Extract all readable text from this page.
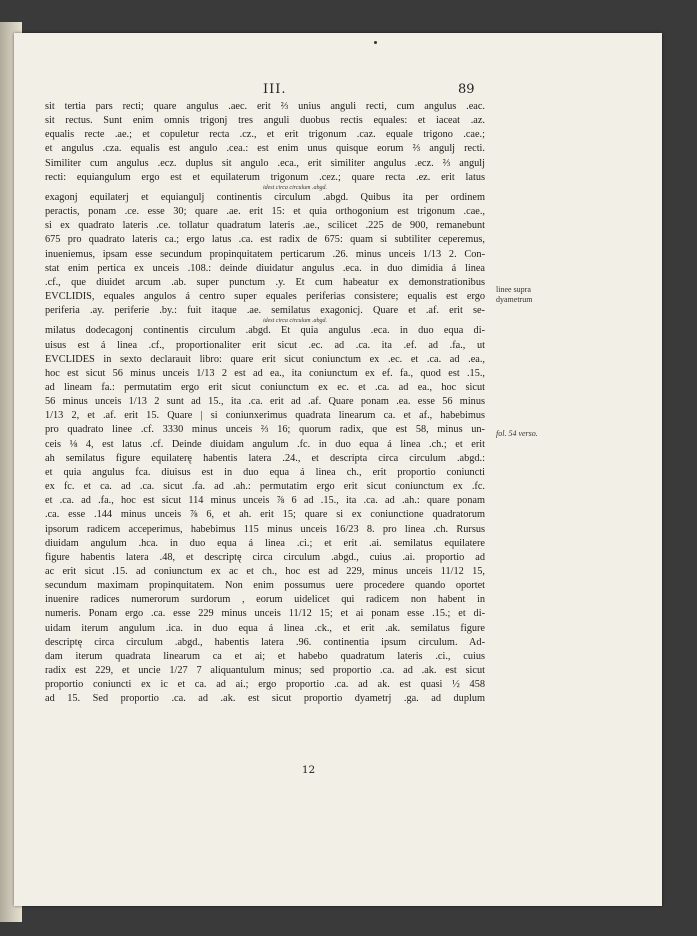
III.	89
sit tertia pars recti; quare angulus .aec. erit ⅔ unius anguli recti, cum angulus .eac.
sit rectus. Sunt enim omnis trigonj tres anguli duobus rectis equales: et iaceat .az.
equalis recte .ae.; et copuletur recta .cz., et erit trigonum .caz. equale trigono .cae.;
et angulus .cza. equalis est angulo .cea.: est enim unus quisque eorum ⅔ angulj recti.
Similiter cum angulus .ecz. duplus sit angulo .eca., erit similiter angulus .ecz. ⅔ angulj
recti: equiangulum ergo est et equilaterum trigonum .cez.; quare recta .ez. erit latus
idest circa circulum .abgd.
exagonj equilaterj et equiangulj continentis circulum .abgd. Quibus ita per ordinem
peractis, ponam .ce. esse 30; quare .ae. erit 15: et quia orthogonium est trigonum .cae.,
si ex quadrato lateris .ce. tollatur quadratum lateris .ae., scilicet .225 de 900, remanebunt
675 pro quadrato lateris ca.; ergo latus .ca. est radix de 675: quam si subtiliter ceperemus,
inueniemus, ipsam esse secundum propinquitatem perticarum .26. minus unceis 1/13 2. Con-
stat enim pertica ex unceis .108.: deinde diuidatur angulus .eca. in duo dimidia á linea
.cf., que diuidet arcum .ab. super punctum .y. Et cum habeatur ex demonstrationibus
EVCLIDIS, equales angulos á centro super equales periferias consistere; equalis est ergo
periferia .ay. periferie .by.: fuit itaque .ae. semilatus exagonicj. Quare et .af. erit se-
idest circa circulum .abgd.
milatus dodecagonj continentis circulum .abgd. Et quia angulus .eca. in duo equa di-
uisus est á linea .cf., proportionaliter erit sicut .ec. ad .ca. ita .ef. ad .fa., ut
EVCLIDES in sexto declarauit libro: quare erit sicut coniunctum ex .ec. et .ca. ad .ea.,
hoc est sicut 56 minus unceis 1/13 2 est ad ea., ita coniunctum ex ef. fa., quod est .15.,
ad lineam fa.: permutatim ergo erit sicut coniunctum ex ec. et .ca. ad ea., hoc sicut
56 minus unceis 1/13 2 sunt ad 15., ita .ca. erit ad .af. Quare ponam .ea. esse 56 minus
1/13 2, et .af. erit 15. Quare | si coniunxerimus quadrata linearum ca. et af., habebimus
pro quadrato linee .cf. 3330 minus unceis ⅔ 16; quorum radix, que est 58, minus un-
ceis ⅛ 4, est latus .cf. Deinde diuidam angulum .fc. in duo equa á linea .ch.; et erit
ah semilatus figure equilaterę habentis latera .24., et descripta circa circulum .abgd.:
et quia angulus fca. diuisus est in duo equa á linea ch., erit proportio coniuncti
ex fc. et ca. ad .ca. sicut .fa. ad .ah.: permutatim ergo erit sicut coniunctum ex .fc.
et .ca. ad .fa., hoc est sicut 114 minus unceis ⅞ 6 ad .15., ita .ca. ad .ah.: quare ponam
.ca. esse .144 minus unceis ⅞ 6, et ah. erit 15; quare si ex coniunctione quadratorum
ipsorum radicem acceperimus, habebimus 115 minus unceis 16/23 8. pro linea .ch. Rursus
diuidam angulum .hca. in duo equa á linea .ci.; et erit .ai. semilatus equilatere
figure habentis latera .48, et descriptę circa circulum .abgd., cuius .ai. proportio ad
ac erit sicut .15. ad coniunctum ex ac et ch., hoc est ad 229, minus unceis 11/12 15,
secundum maximam propinquitatem. Non enim possumus uere procedere quando oportet
inuenire radices numerorum surdorum , eorum uidelicet qui radicem non habent in
numeris. Ponam ergo .ca. esse 229 minus unceis 11/12 15; et ai ponam esse .15.; et di-
uidam iterum angulum .ica. in duo equa á linea .ck., et erit .ak. semilatus figure
descriptę circa circulum .abgd., habentis latera .96. continentia ipsum circulum. Ad-
dam iterum quadrata linearum ca et ai; et habebo quadratum lateris .ci., cuius
radix est 229, et uncie 1/27 7 aliquantulum minus; sed proportio .ca. ad .ak. est sicut
proportio coniuncti ex ic et ca. ad ai.; ergo proportio .ca. ad ak. est quasi ½ 458
ad 15. Sed proportio .ca. ad .ak. est sicut proportio dyametrj .ga. ad duplum
linee supra
dyametrum
fol. 54 verso.
12
